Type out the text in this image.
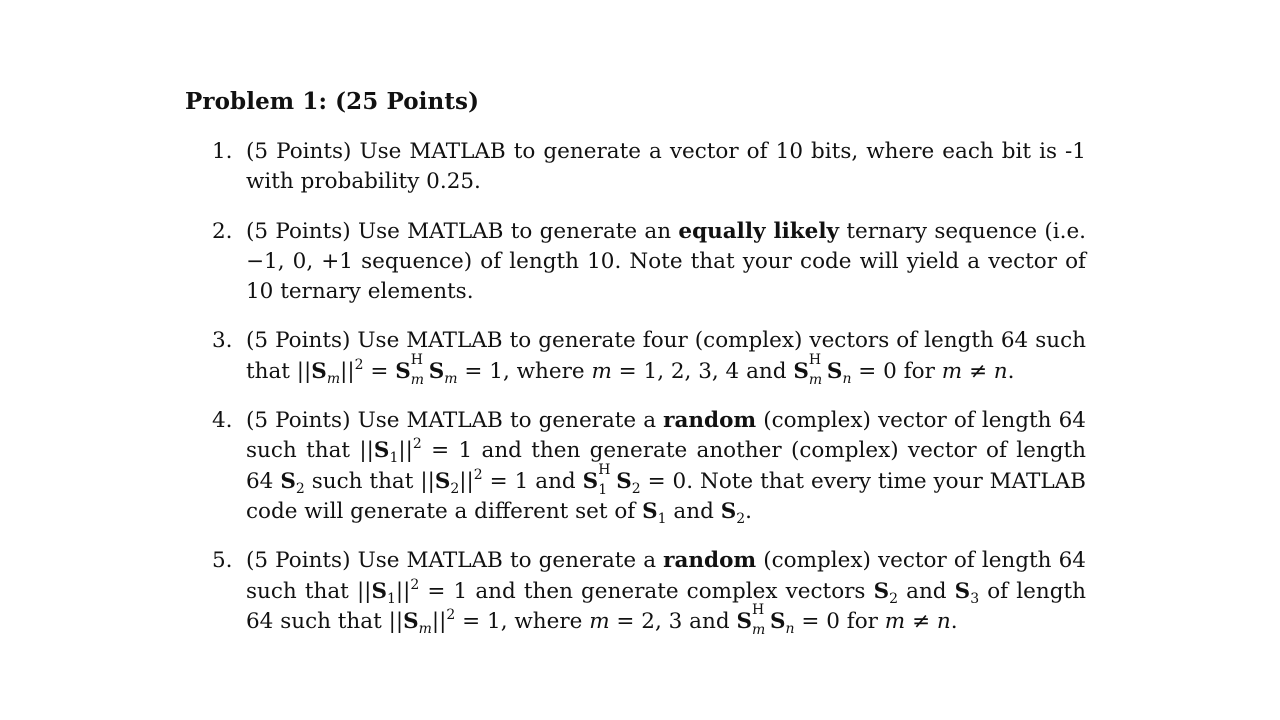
Problem 1: (25 Points)
1. (5 Points) Use MATLAB to generate a vector of 10 bits, where each bit is -1 with probability 0.25.
2. (5 Points) Use MATLAB to generate an equally likely ternary sequence (i.e. −1, 0, +1 sequence) of length 10. Note that your code will yield a vector of 10 ternary elements.
3. (5 Points) Use MATLAB to generate four (complex) vectors of length 64 such that $||S_m||^2 = S$ H
m $S_m = 1$, where m = 1, 2, 3, 4 and S H
m $S_n = 0$ for m ≠ n.
4. (5 Points) Use MATLAB to generate a random (complex) vector of length 64 such that $||S_1||^2 = 1$ and then generate another (complex) vector of length 64 $S_2$ such that $||S_2||^2 = 1$ and S H
1 $S_2 = 0$. Note that every time your MATLAB code will generate a different set of $S_1$ and $S_2$.
5. (5 Points) Use MATLAB to generate a random (complex) vector of length 64 such that $||S_1||^2 = 1$ and then generate complex vectors $S_2$ and $S_3$ of length 64 such that $||S_m||^2 = 1$, where m = 2, 3 and S H
m $S_n = 0$ for m ≠ n.
